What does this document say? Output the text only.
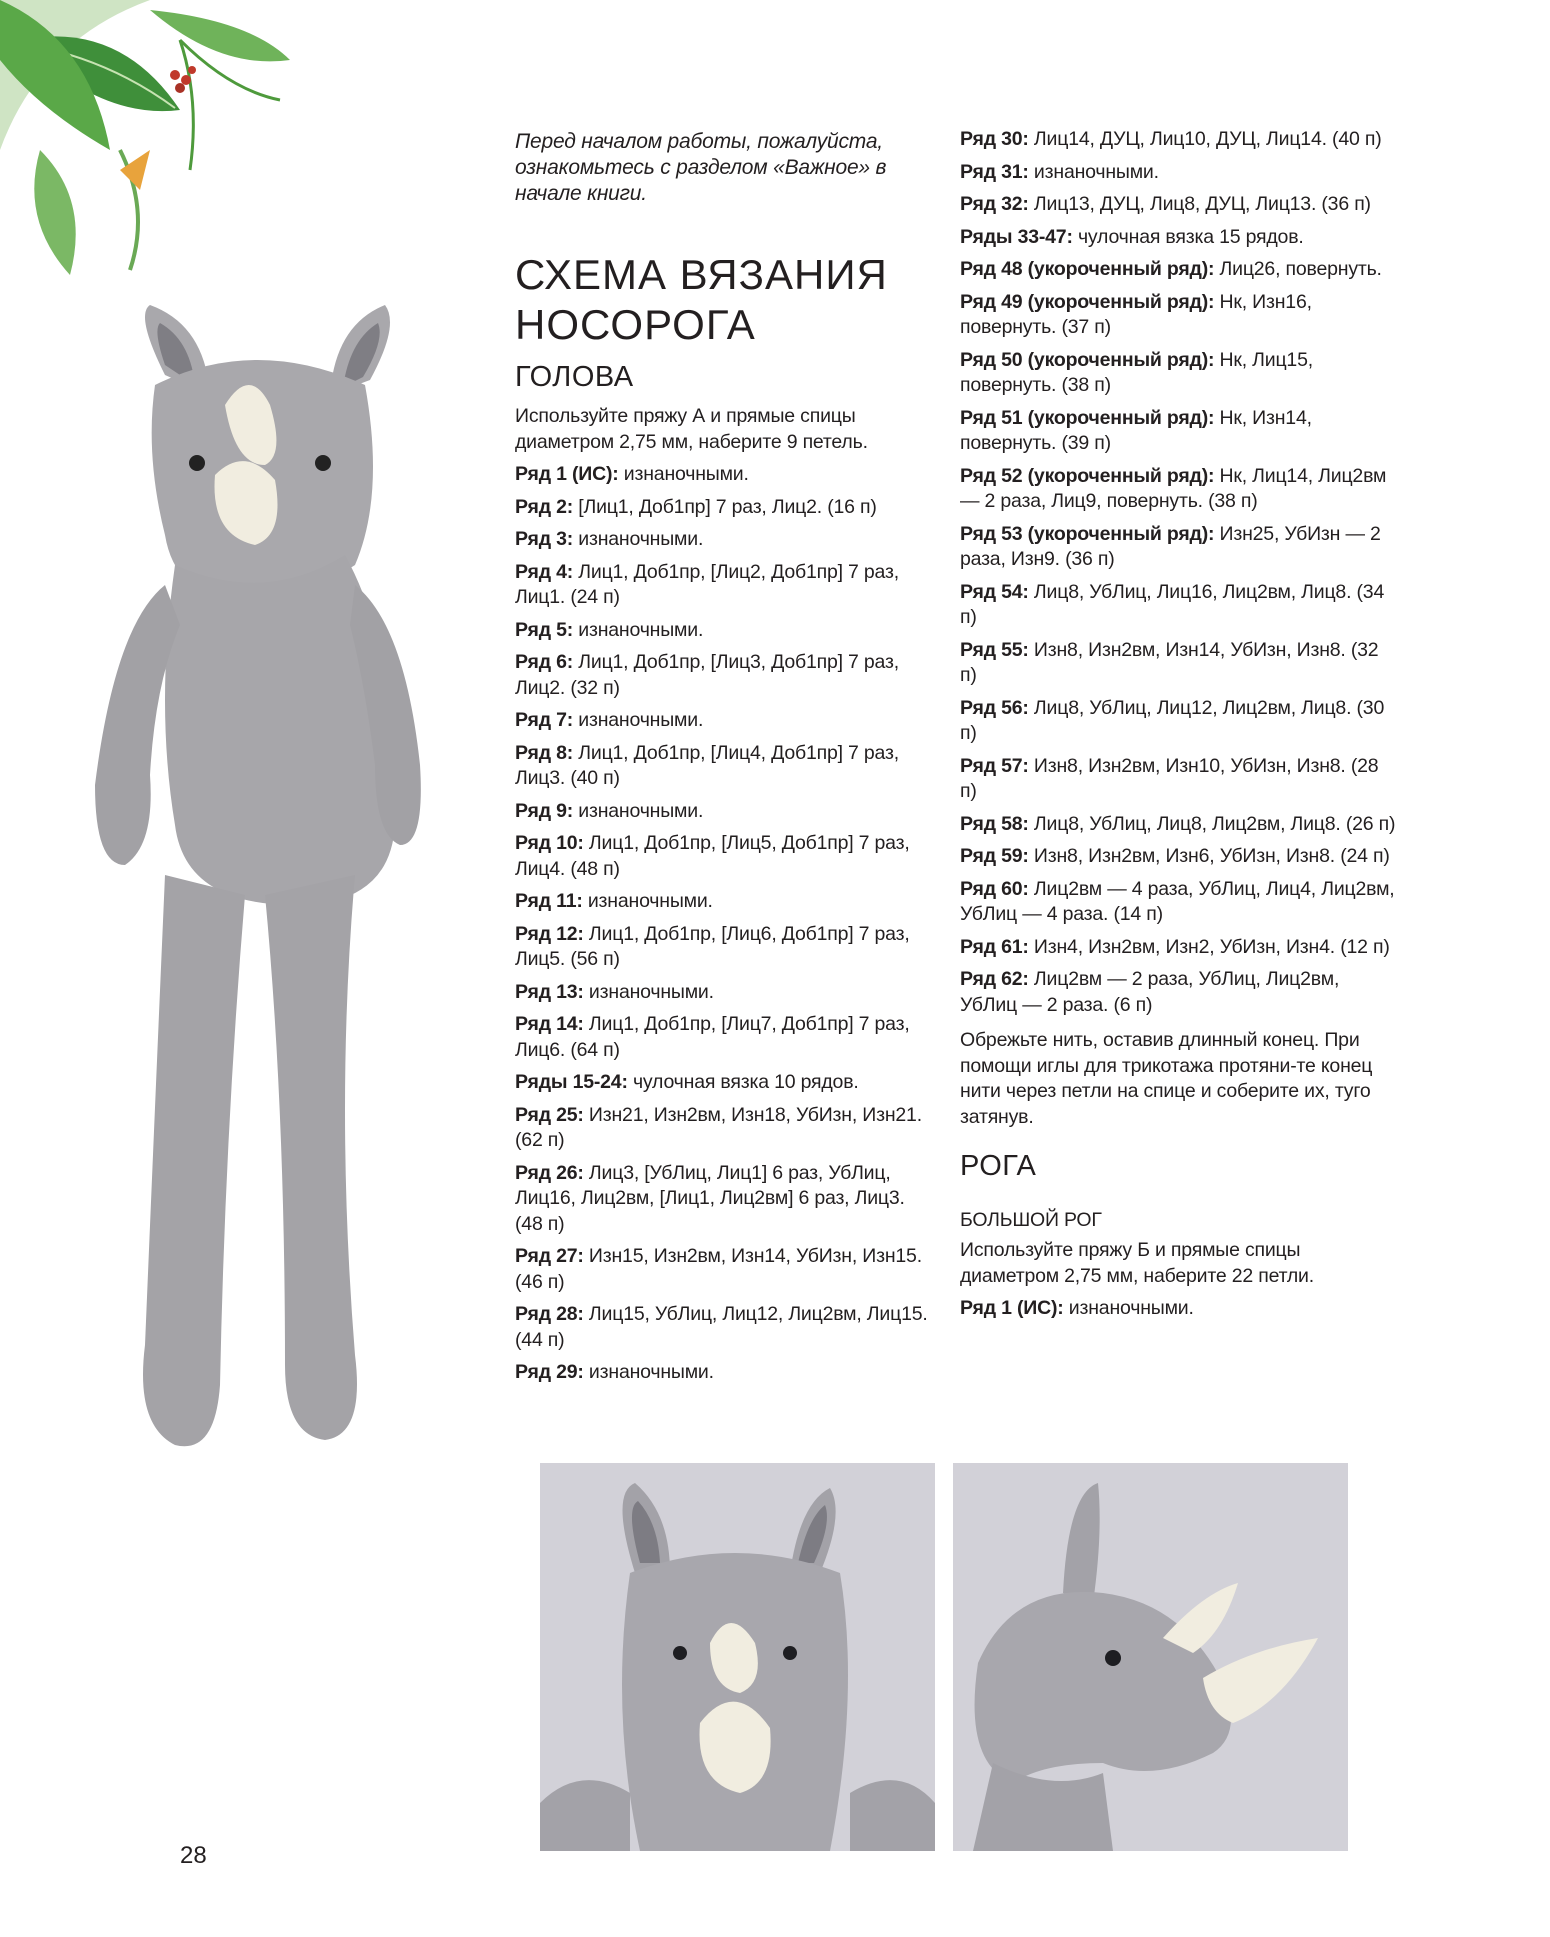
Перед началом работы, пожалуйста, ознакомьтесь с разделом «Важное» в начале книги.
СХЕМА ВЯЗАНИЯ
НОСОРОГА
ГОЛОВА

Используйте пряжу А и прямые спицы диаметром 2,75 мм, наберите 9 петель.

Ряд 1 (ИС): изнаночными.

Ряд 2: [Лиц1, Доб1пр] 7 раз, Лиц2. (16 п)

Ряд 3: изнаночными.

Ряд 4: Лиц1, Доб1пр, [Лиц2, Доб1пр] 7 раз, Лиц1. (24 п)

Ряд 5: изнаночными.

Ряд 6: Лиц1, Доб1пр, [Лиц3, Доб1пр] 7 раз, Лиц2. (32 п)

Ряд 7: изнаночными.

Ряд 8: Лиц1, Доб1пр, [Лиц4, Доб1пр] 7 раз, Лиц3. (40 п)

Ряд 9: изнаночными.

Ряд 10: Лиц1, Доб1пр, [Лиц5, Доб1пр] 7 раз, Лиц4. (48 п)

Ряд 11: изнаночными.

Ряд 12: Лиц1, Доб1пр, [Лиц6, Доб1пр] 7 раз, Лиц5. (56 п)

Ряд 13: изнаночными.

Ряд 14: Лиц1, Доб1пр, [Лиц7, Доб1пр] 7 раз, Лиц6. (64 п)

Ряды 15-24: чулочная вязка 10 рядов.

Ряд 25: Изн21, Изн2вм, Изн18, УбИзн, Изн21. (62 п)

Ряд 26: Лиц3, [УбЛиц, Лиц1] 6 раз, УбЛиц, Лиц16, Лиц2вм, [Лиц1, Лиц2вм] 6 раз, Лиц3. (48 п)

Ряд 27: Изн15, Изн2вм, Изн14, УбИзн, Изн15. (46 п)

Ряд 28: Лиц15, УбЛиц, Лиц12, Лиц2вм, Лиц15. (44 п)

Ряд 29: изнаночными.

Ряд 30: Лиц14, ДУЦ, Лиц10, ДУЦ, Лиц14. (40 п)

Ряд 31: изнаночными.

Ряд 32: Лиц13, ДУЦ, Лиц8, ДУЦ, Лиц13. (36 п)

Ряды 33-47: чулочная вязка 15 рядов.

Ряд 48 (укороченный ряд): Лиц26, повернуть.

Ряд 49 (укороченный ряд): Нк, Изн16, повернуть. (37 п)

Ряд 50 (укороченный ряд): Нк, Лиц15, повернуть. (38 п)

Ряд 51 (укороченный ряд): Нк, Изн14, повернуть. (39 п)

Ряд 52 (укороченный ряд): Нк, Лиц14, Лиц2вм — 2 раза, Лиц9, повернуть. (38 п)

Ряд 53 (укороченный ряд): Изн25, УбИзн — 2 раза, Изн9. (36 п)

Ряд 54: Лиц8, УбЛиц, Лиц16, Лиц2вм, Лиц8. (34 п)

Ряд 55: Изн8, Изн2вм, Изн14, УбИзн, Изн8. (32 п)

Ряд 56: Лиц8, УбЛиц, Лиц12, Лиц2вм, Лиц8. (30 п)

Ряд 57: Изн8, Изн2вм, Изн10, УбИзн, Изн8. (28 п)

Ряд 58: Лиц8, УбЛиц, Лиц8, Лиц2вм, Лиц8. (26 п)

Ряд 59: Изн8, Изн2вм, Изн6, УбИзн, Изн8. (24 п)

Ряд 60: Лиц2вм — 4 раза, УбЛиц, Лиц4, Лиц2вм, УбЛиц — 4 раза. (14 п)

Ряд 61: Изн4, Изн2вм, Изн2, УбИзн, Изн4. (12 п)

Ряд 62: Лиц2вм — 2 раза, УбЛиц, Лиц2вм, УбЛиц — 2 раза. (6 п)

Обрежьте нить, оставив длинный конец. При помощи иглы для трикотажа протяни-те конец нити через петли на спице и соберите их, туго затянув.

РОГА
БОЛЬШОЙ РОГ

Используйте пряжу Б и прямые спицы диаметром 2,75 мм, наберите 22 петли.

Ряд 1 (ИС): изнаночными.

28
